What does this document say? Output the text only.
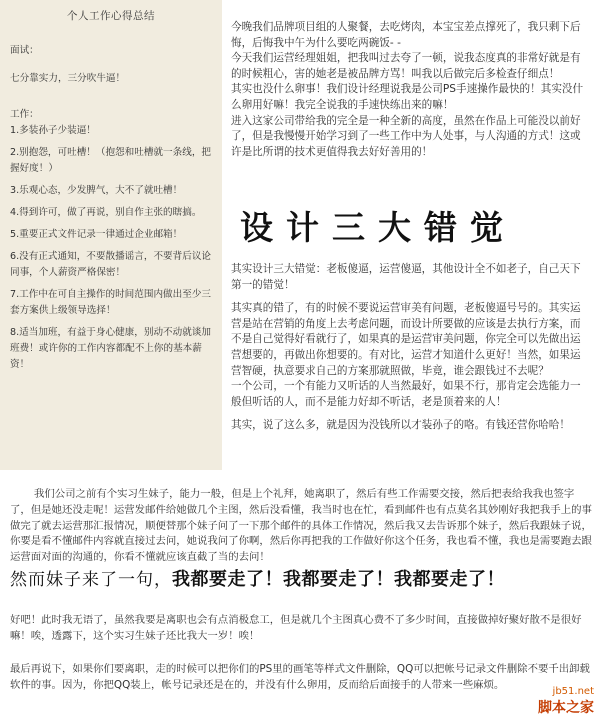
个人工作心得总结

面试：

七分靠实力，三分吹牛逼！

工作：

1.多装孙子少装逼！

2.别抱怨，可吐槽！（抱怨和吐槽就一条线，把握好度！）

3.乐观心态，少发脾气，大不了就吐槽！

4.得到许可，做了再说，别自作主张的瞎搞。

5.重要正式文件记录一律通过企业邮箱！

6.没有正式通知，不要散播谣言，不要背后议论同事，个人薪资严格保密！

7.工作中在可自主操作的时间范围内做出至少三套方案供上级领导选择！

8.适当加班，有益于身心健康，别动不动就谈加班费！或许你的工作内容都配不上你的基本薪资！

今晚我们品牌项目组的人聚餐，去吃烤肉，本宝宝差点撑死了，我只剩下后悔，后悔我中午为什么要吃两碗饭- -

今天我们运营经理姐姐，把我叫过去夸了一顿，说我态度真的非常好就是有的时候粗心，害的她老是被品牌方骂！叫我以后做完后多检查仔细点！

其实也没什么卵事！我们设计经理说我是公司PS手速操作最快的！其实没什么卵用好嘛！我完全说我的手速快练出来的嘛！

进入这家公司带给我的完全是一种全新的高度，虽然在作品上可能没以前好了，但是我慢慢开始学习到了一些工作中为人处事，与人沟通的方式！这或许是比所谓的技术更值得我去好好善用的！

设计三大错觉

其实设计三大错觉：老板傻逼，运营傻逼，其他设计全不如老子，自己天下第一的错觉！

其实真的错了，有的时候不要说运营审美有问题，老板傻逼号号的。其实运营是站在营销的角度上去考虑问题，而设计所要做的应该是去执行方案，而不是自己觉得好看就行了，如果真的是运营审美问题，你完全可以先做出运营想要的，再做出你想要的。有对比，运营才知道什么更好！当然，如果运营智硬，执意要求自己的方案那就照做，毕竟，谁会跟钱过不去呢？

一个公司，一个有能力又听话的人当然最好，如果不行，那肯定会选能力一般但听话的人，而不是能力好却不听话，老是顶着来的人！

其实，说了这么多，就是因为没钱所以才装孙子的咯。有钱还营你哈哈！

我们公司之前有个实习生妹子，能力一般，但是上个礼拜，她离职了，然后有些工作需要交接，然后把表给我我也签字了，但是她还没走呢！运营发邮件给她做几个主图，然后没看懂，我当时也在忙，看到邮件也有点莫名其妙刚好我把我手上的事做完了就去运营那汇报情况，顺便替那个妹子问了一下那个邮件的具体工作情况，然后我又去告诉那个妹子，然后我跟妹子说，你要是看不懂邮件内容就直接过去问，她说我问了你啊，然后你再把我的工作做好你这个任务，我也看不懂，我也是需要跑去跟运营面对面的沟通的，你看不懂就应该直截了当的去问！

然而妹子来了一句，我都要走了！我都要走了！我都要走了！

好吧！此时我无语了，虽然我要是离职也会有点消极怠工，但是就几个主图真心费不了多少时间，直接做掉好聚好散不是很好嘛！唉，透露下，这个实习生妹子还比我大一岁！唉！

最后再说下，如果你们要离职，走的时候可以把你们的PS里的画笔等样式文件删除，QQ可以把帐号记录文件删除不要千出卸载软件的事。因为，你把QQ装上，帐号记录还是在的，并没有什么卵用，反而给后面接手的人带来一些麻烦。

jb51.net
脚本之家
